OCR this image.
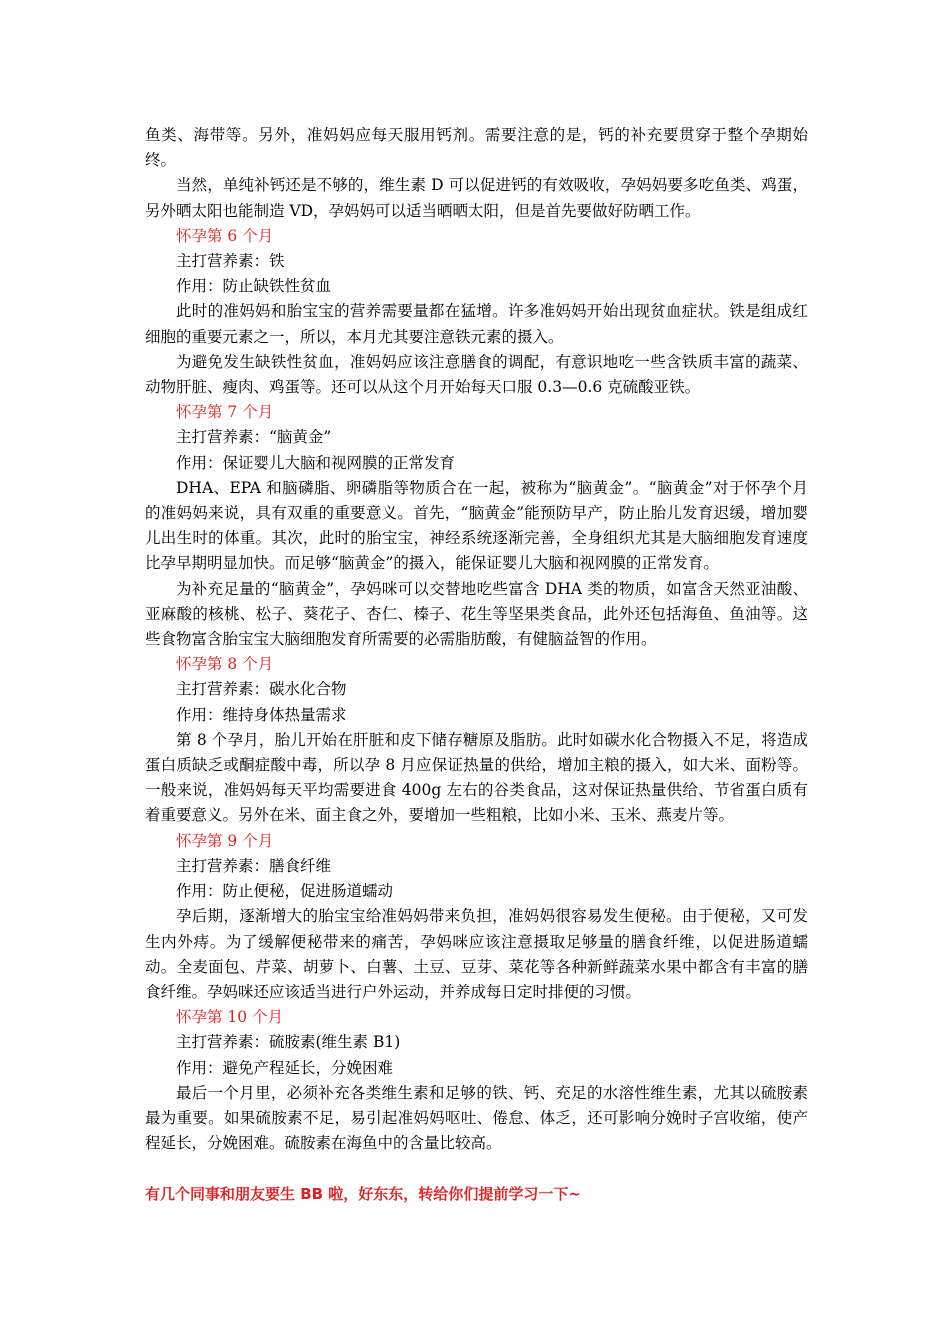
鱼类、海带等。另外，准妈妈应每天服用钙剂。需要注意的是，钙的补充要贯穿于整个孕期始终。

当然，单纯补钙还是不够的，维生素 D 可以促进钙的有效吸收，孕妈妈要多吃鱼类、鸡蛋，另外晒太阳也能制造 VD，孕妈妈可以适当晒晒太阳，但是首先要做好防晒工作。

怀孕第 6 个月

主打营养素：铁

作用：防止缺铁性贫血

此时的准妈妈和胎宝宝的营养需要量都在猛增。许多准妈妈开始出现贫血症状。铁是组成红细胞的重要元素之一，所以，本月尤其要注意铁元素的摄入。

为避免发生缺铁性贫血，准妈妈应该注意膳食的调配，有意识地吃一些含铁质丰富的蔬菜、动物肝脏、瘦肉、鸡蛋等。还可以从这个月开始每天口服 0.3—0.6 克硫酸亚铁。

怀孕第 7 个月

主打营养素：“脑黄金”

作用：保证婴儿大脑和视网膜的正常发育

DHA、EPA 和脑磷脂、卵磷脂等物质合在一起，被称为“脑黄金”。“脑黄金”对于怀孕个月的准妈妈来说，具有双重的重要意义。首先，“脑黄金”能预防早产，防止胎儿发育迟缓，增加婴儿出生时的体重。其次，此时的胎宝宝，神经系统逐渐完善，全身组织尤其是大脑细胞发育速度比孕早期明显加快。而足够“脑黄金”的摄入，能保证婴儿大脑和视网膜的正常发育。

为补充足量的“脑黄金”，孕妈咪可以交替地吃些富含 DHA 类的物质，如富含天然亚油酸、亚麻酸的核桃、松子、葵花子、杏仁、榛子、花生等坚果类食品，此外还包括海鱼、鱼油等。这些食物富含胎宝宝大脑细胞发育所需要的必需脂肪酸，有健脑益智的作用。

怀孕第 8 个月

主打营养素：碳水化合物

作用：维持身体热量需求

第 8 个孕月，胎儿开始在肝脏和皮下储存糖原及脂肪。此时如碳水化合物摄入不足，将造成蛋白质缺乏或酮症酸中毒，所以孕 8 月应保证热量的供给，增加主粮的摄入，如大米、面粉等。一般来说，准妈妈每天平均需要进食 400g 左右的谷类食品，这对保证热量供给、节省蛋白质有着重要意义。另外在米、面主食之外，要增加一些粗粮，比如小米、玉米、燕麦片等。

怀孕第 9 个月

主打营养素：膳食纤维

作用：防止便秘，促进肠道蠕动

孕后期，逐渐增大的胎宝宝给准妈妈带来负担，准妈妈很容易发生便秘。由于便秘，又可发生内外痔。为了缓解便秘带来的痛苦，孕妈咪应该注意摄取足够量的膳食纤维，以促进肠道蠕动。全麦面包、芹菜、胡萝卜、白薯、土豆、豆芽、菜花等各种新鲜蔬菜水果中都含有丰富的膳食纤维。孕妈咪还应该适当进行户外运动，并养成每日定时排便的习惯。

怀孕第 10 个月

主打营养素：硫胺素(维生素 B1)

作用：避免产程延长，分娩困难

最后一个月里，必须补充各类维生素和足够的铁、钙、充足的水溶性维生素，尤其以硫胺素最为重要。如果硫胺素不足，易引起准妈妈呕吐、倦怠、体乏，还可影响分娩时子宫收缩，使产程延长，分娩困难。硫胺素在海鱼中的含量比较高。

有几个同事和朋友要生 BB 啦，好东东，转给你们提前学习一下~
